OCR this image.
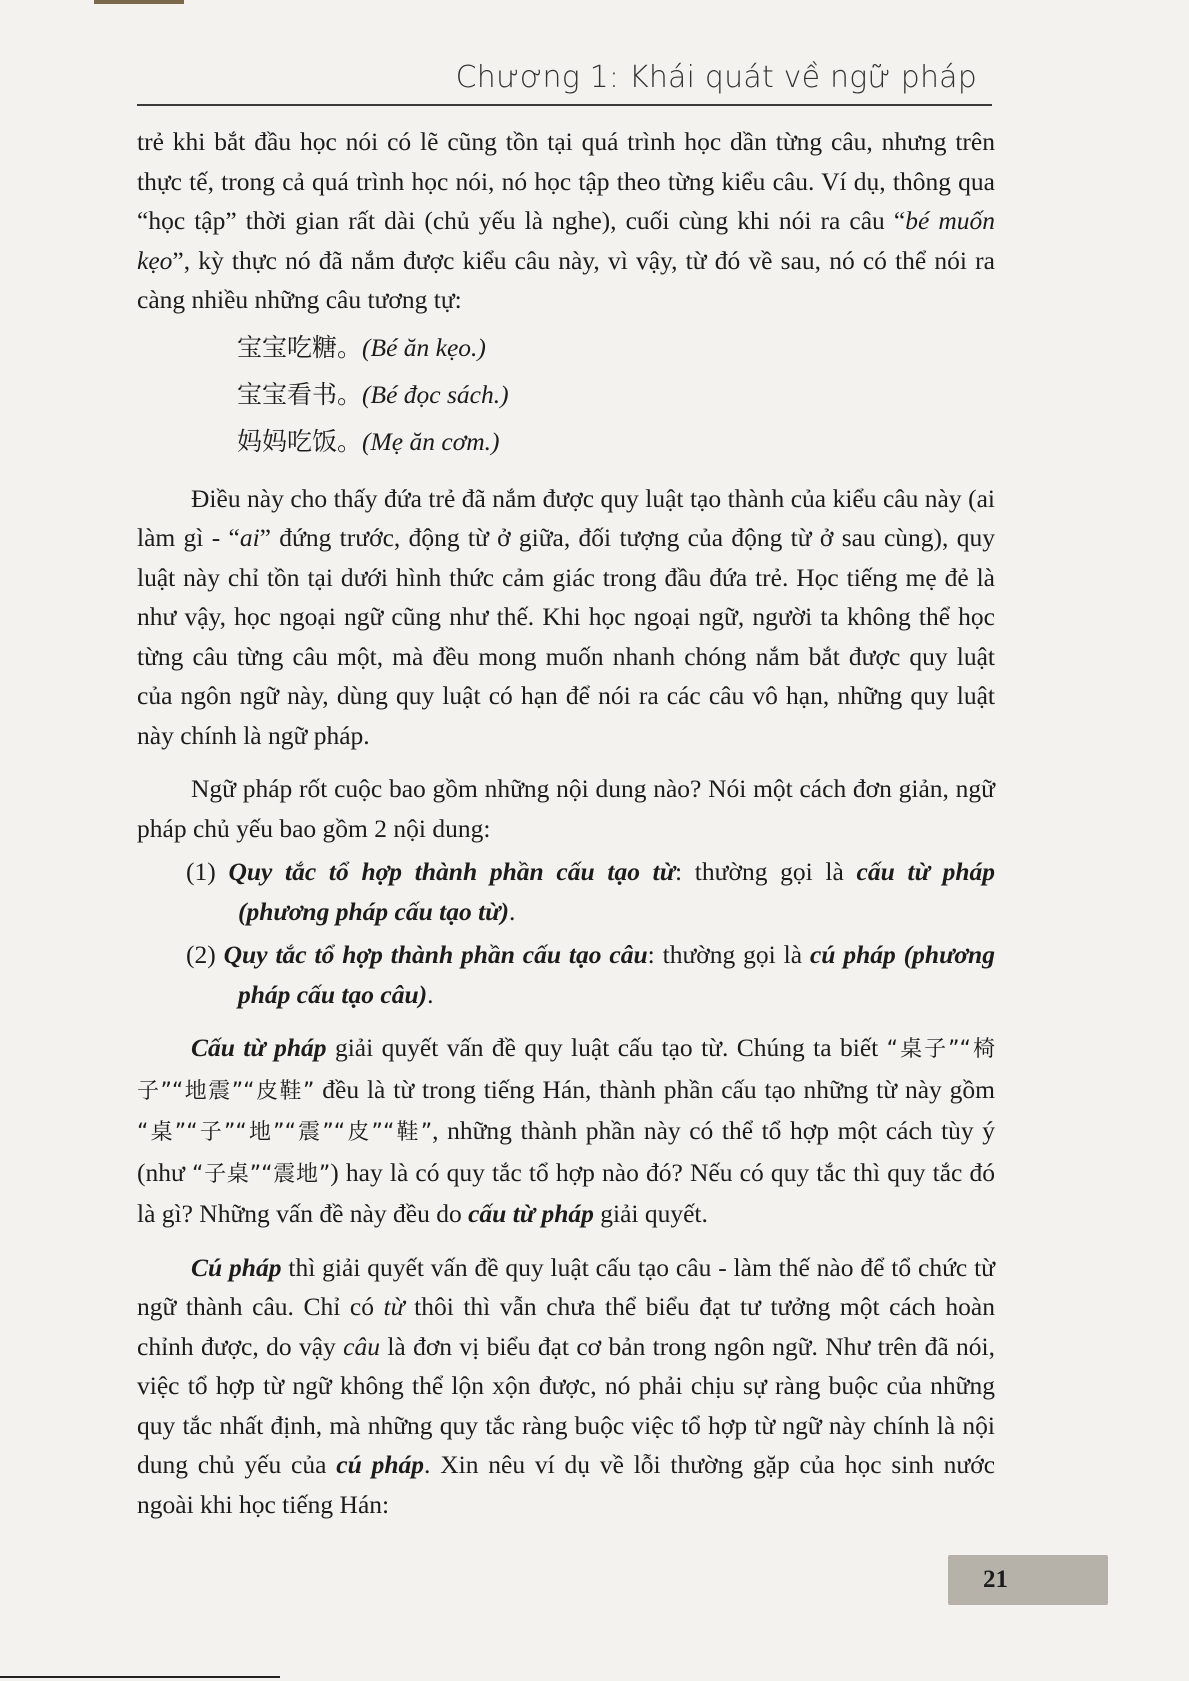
Chương 1: Khái quát về ngữ pháp

trẻ khi bắt đầu học nói có lẽ cũng tồn tại quá trình học dần từng câu, nhưng trên thực tế, trong cả quá trình học nói, nó học tập theo từng kiểu câu. Ví dụ, thông qua “học tập” thời gian rất dài (chủ yếu là nghe), cuối cùng khi nói ra câu “bé muốn kẹo”, kỳ thực nó đã nắm được kiểu câu này, vì vậy, từ đó về sau, nó có thể nói ra càng nhiều những câu tương tự:

宝宝吃糖。(Bé ăn kẹo.)
宝宝看书。(Bé đọc sách.)
妈妈吃饭。(Mẹ ăn cơm.)

Điều này cho thấy đứa trẻ đã nắm được quy luật tạo thành của kiểu câu này (ai làm gì - “ai” đứng trước, động từ ở giữa, đối tượng của động từ ở sau cùng), quy luật này chỉ tồn tại dưới hình thức cảm giác trong đầu đứa trẻ. Học tiếng mẹ đẻ là như vậy, học ngoại ngữ cũng như thế. Khi học ngoại ngữ, người ta không thể học từng câu từng câu một, mà đều mong muốn nhanh chóng nắm bắt được quy luật của ngôn ngữ này, dùng quy luật có hạn để nói ra các câu vô hạn, những quy luật này chính là ngữ pháp.

Ngữ pháp rốt cuộc bao gồm những nội dung nào? Nói một cách đơn giản, ngữ pháp chủ yếu bao gồm 2 nội dung:

(1) Quy tắc tổ hợp thành phần cấu tạo từ: thường gọi là cấu từ pháp (phương pháp cấu tạo từ).

(2) Quy tắc tổ hợp thành phần cấu tạo câu: thường gọi là cú pháp (phương pháp cấu tạo câu).

Cấu từ pháp giải quyết vấn đề quy luật cấu tạo từ. Chúng ta biết “桌子”“椅子”“地震”“皮鞋” đều là từ trong tiếng Hán, thành phần cấu tạo những từ này gồm “桌”“子”“地”“震”“皮”“鞋”, những thành phần này có thể tổ hợp một cách tùy ý (như “子桌”“震地”) hay là có quy tắc tổ hợp nào đó? Nếu có quy tắc thì quy tắc đó là gì? Những vấn đề này đều do cấu từ pháp giải quyết.

Cú pháp thì giải quyết vấn đề quy luật cấu tạo câu - làm thế nào để tổ chức từ ngữ thành câu. Chỉ có từ thôi thì vẫn chưa thể biểu đạt tư tưởng một cách hoàn chỉnh được, do vậy câu là đơn vị biểu đạt cơ bản trong ngôn ngữ. Như trên đã nói, việc tổ hợp từ ngữ không thể lộn xộn được, nó phải chịu sự ràng buộc của những quy tắc nhất định, mà những quy tắc ràng buộc việc tổ hợp từ ngữ này chính là nội dung chủ yếu của cú pháp. Xin nêu ví dụ về lỗi thường gặp của học sinh nước ngoài khi học tiếng Hán:

21
